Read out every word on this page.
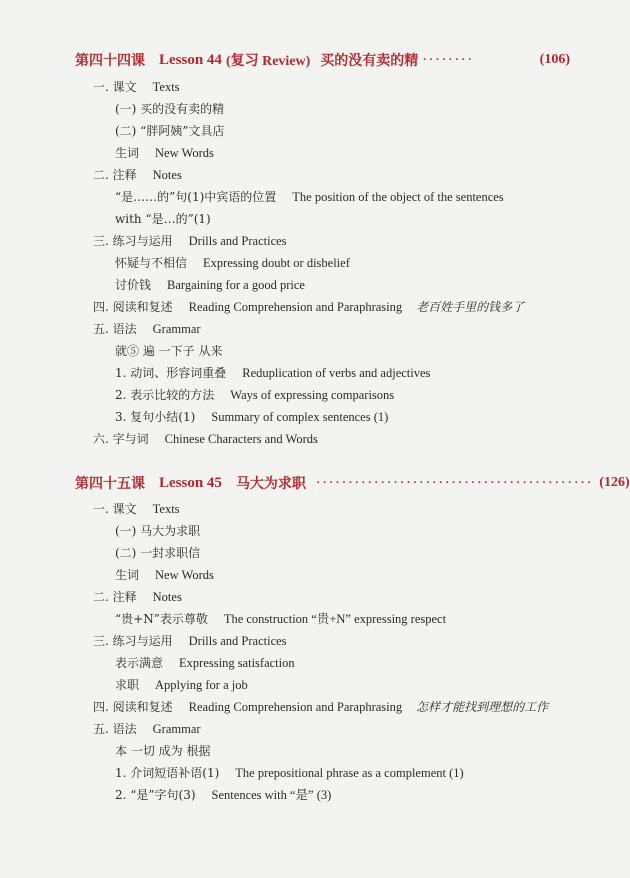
第四十四课 Lesson 44 (复习 Review) 买的没有卖的精 ········	(106)
一. 课文 Texts
(一) 买的没有卖的精
(二) “胖阿姨”文具店
生词 New Words
二. 注释 Notes
“是……的”句(1)中宾语的位置 The position of the object of the sentences
with “是…的”(1)
三. 练习与运用 Drills and Practices
怀疑与不相信 Expressing doubt or disbelief
讨价钱 Bargaining for a good price
四. 阅读和复述 Reading Comprehension and Paraphrasing 老百姓手里的钱多了
五. 语法 Grammar
就⑤ 遍 一下子 从来
1. 动词、形容词重叠 Reduplication of verbs and adjectives
2. 表示比较的方法 Ways of expressing comparisons
3. 复句小结(1) Summary of complex sentences (1)
六. 字与词 Chinese Characters and Words
第四十五课 Lesson 45 马大为求职 ··········································· (126)
一. 课文 Texts
(一) 马大为求职
(二) 一封求职信
生词 New Words
二. 注释 Notes
“贵+N”表示尊敬 The construction “贵+N” expressing respect
三. 练习与运用 Drills and Practices
表示满意 Expressing satisfaction
求职 Applying for a job
四. 阅读和复述 Reading Comprehension and Paraphrasing 怎样才能找到理想的工作
五. 语法 Grammar
本 一切 成为 根据
1. 介词短语补语(1) The prepositional phrase as a complement (1)
2. “是”字句(3) Sentences with “是” (3)
